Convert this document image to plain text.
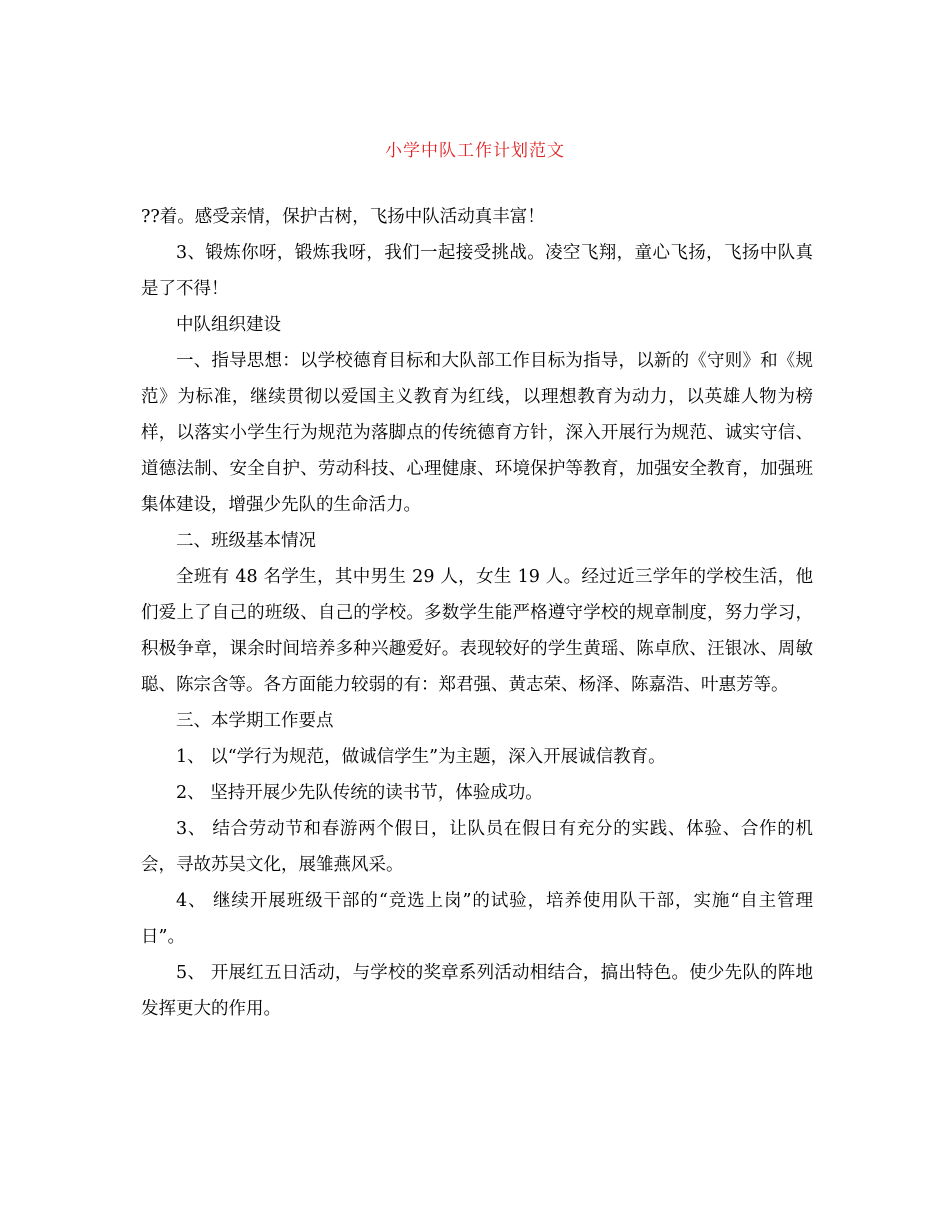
小学中队工作计划范文

??着。感受亲情，保护古树，飞扬中队活动真丰富！

3、锻炼你呀，锻炼我呀，我们一起接受挑战。凌空飞翔，童心飞扬，飞扬中队真是了不得！

中队组织建设

一、指导思想：以学校德育目标和大队部工作目标为指导，以新的《守则》和《规范》为标准，继续贯彻以爱国主义教育为红线，以理想教育为动力，以英雄人物为榜样，以落实小学生行为规范为落脚点的传统德育方针，深入开展行为规范、诚实守信、道德法制、安全自护、劳动科技、心理健康、环境保护等教育，加强安全教育，加强班集体建设，增强少先队的生命活力。

二、班级基本情况

全班有 48 名学生，其中男生 29 人，女生 19 人。经过近三学年的学校生活，他们爱上了自己的班级、自己的学校。多数学生能严格遵守学校的规章制度，努力学习，积极争章，课余时间培养多种兴趣爱好。表现较好的学生黄瑶、陈卓欣、汪银冰、周敏聪、陈宗含等。各方面能力较弱的有：郑君强、黄志荣、杨泽、陈嘉浩、叶惠芳等。

三、本学期工作要点

1、 以“学行为规范，做诚信学生”为主题，深入开展诚信教育。

2、 坚持开展少先队传统的读书节，体验成功。

3、 结合劳动节和春游两个假日，让队员在假日有充分的实践、体验、合作的机会，寻故苏吴文化，展雏燕风采。

4、 继续开展班级干部的“竞选上岗”的试验，培养使用队干部，实施“自主管理日”。

5、 开展红五日活动，与学校的奖章系列活动相结合，搞出特色。使少先队的阵地发挥更大的作用。
